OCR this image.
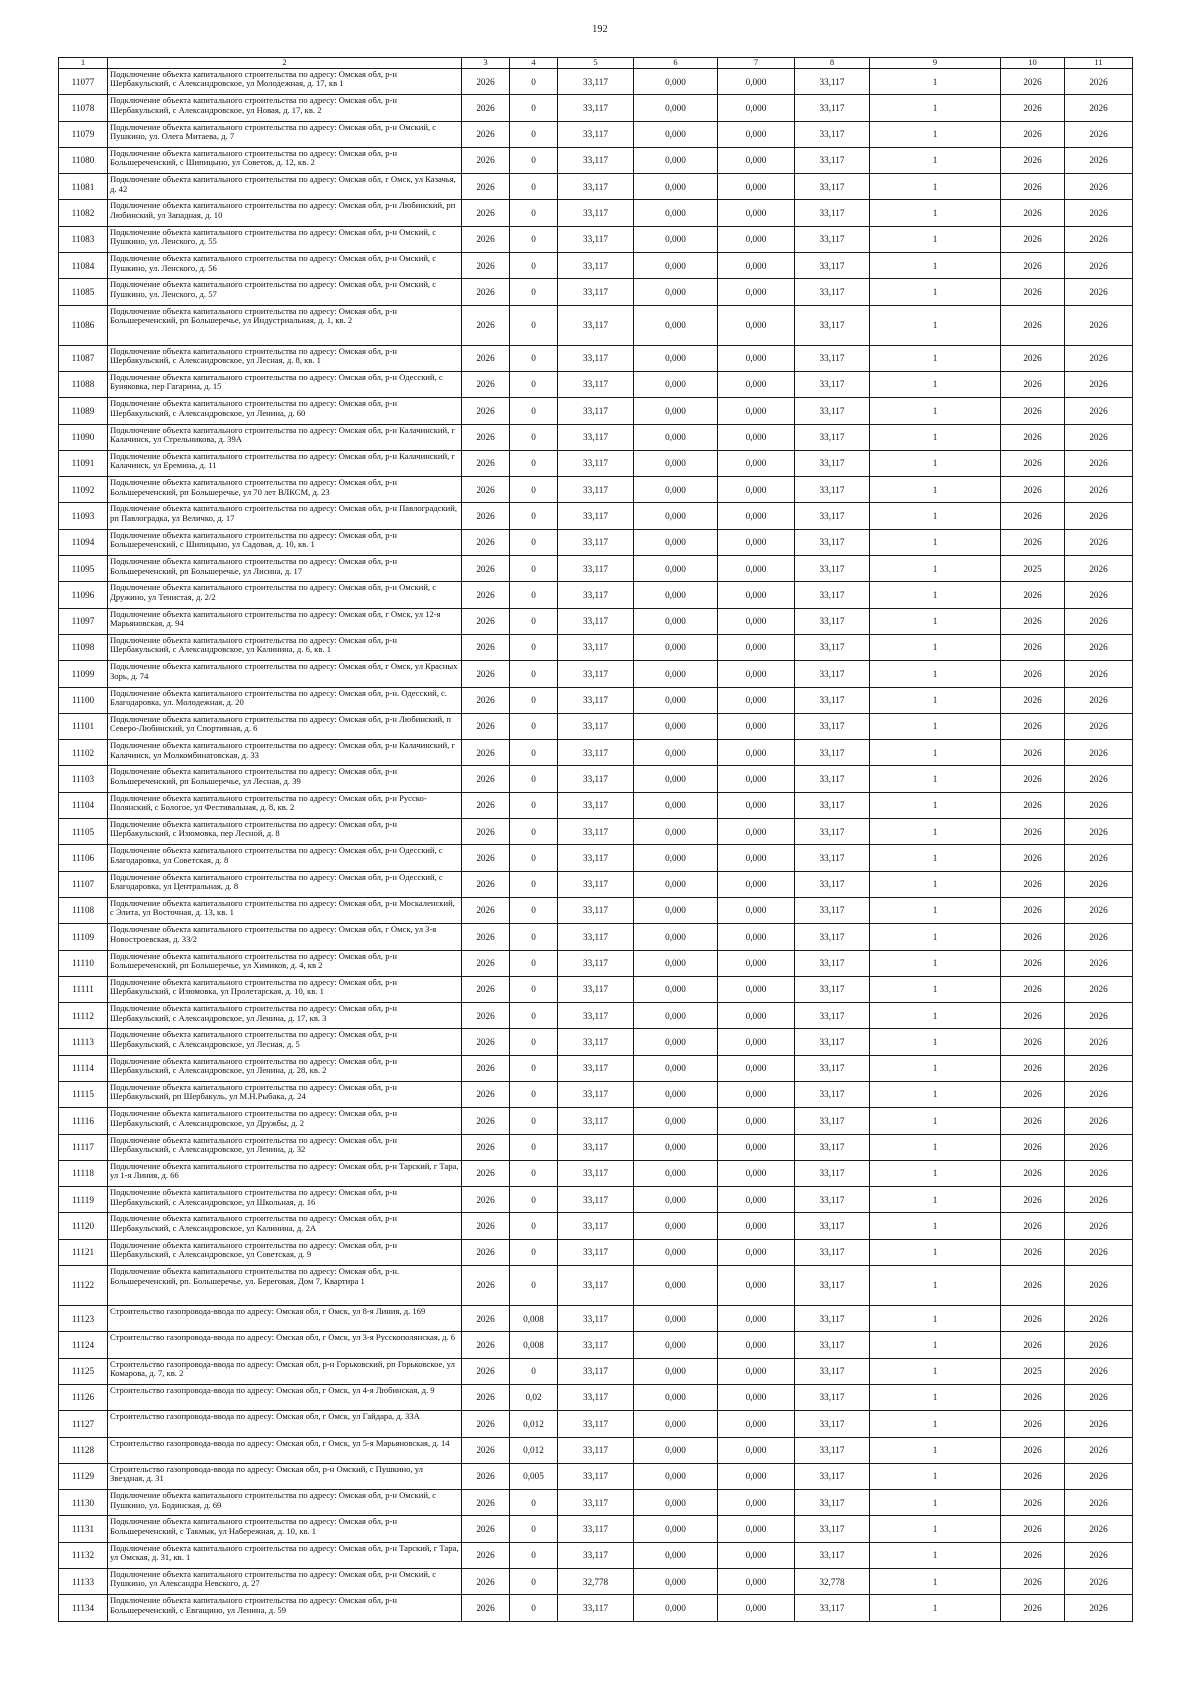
192
1	2	3	4	5	6	7	8	9	10	11
11077	Подключение объекта капитального строительства по адресу: Омская обл, р-н Шербакульский, с Александровское, ул Молодежная, д. 17, кв 1	2026	0	33,117	0,000	0,000	33,117	1	2026	2026
11078	Подключение объекта капитального строительства по адресу: Омская обл, р-н Шербакульский, с Александровское, ул Новая, д. 17, кв. 2	2026	0	33,117	0,000	0,000	33,117	1	2026	2026
11079	Подключение объекта капитального строительства по адресу: Омская обл, р-н Омский, с Пушкино, ул. Олега Митаева, д. 7	2026	0	33,117	0,000	0,000	33,117	1	2026	2026
11080	Подключение объекта капитального строительства по адресу: Омская обл, р-н Большереченский, с Шипицыно, ул Советов, д. 12, кв. 2	2026	0	33,117	0,000	0,000	33,117	1	2026	2026
11081	Подключение объекта капитального строительства по адресу: Омская обл, г Омск, ул Казачья, д. 42	2026	0	33,117	0,000	0,000	33,117	1	2026	2026
11082	Подключение объекта капитального строительства по адресу: Омская обл, р-н Любинский, рп Любинский, ул Западная, д. 10	2026	0	33,117	0,000	0,000	33,117	1	2026	2026
11083	Подключение объекта капитального строительства по адресу: Омская обл, р-н Омский, с Пушкино, ул. Ленского, д. 55	2026	0	33,117	0,000	0,000	33,117	1	2026	2026
11084	Подключение объекта капитального строительства по адресу: Омская обл, р-н Омский, с Пушкино, ул. Ленского, д. 56	2026	0	33,117	0,000	0,000	33,117	1	2026	2026
11085	Подключение объекта капитального строительства по адресу: Омская обл, р-н Омский, с Пушкино, ул. Ленского, д. 57	2026	0	33,117	0,000	0,000	33,117	1	2026	2026
11086	Подключение объекта капитального строительства по адресу: Омская обл, р-н Большереченский, рп Большеречье, ул Индустриальная, д. 1, кв. 2	2026	0	33,117	0,000	0,000	33,117	1	2026	2026
11087	Подключение объекта капитального строительства по адресу: Омская обл, р-н Шербакульский, с Александровское, ул Лесная, д. 8, кв. 1	2026	0	33,117	0,000	0,000	33,117	1	2026	2026
11088	Подключение объекта капитального строительства по адресу: Омская обл, р-н Одесский, с Буняковка, пер Гагарина, д. 15	2026	0	33,117	0,000	0,000	33,117	1	2026	2026
11089	Подключение объекта капитального строительства по адресу: Омская обл, р-н Шербакульский, с Александровское, ул Ленина, д. 60	2026	0	33,117	0,000	0,000	33,117	1	2026	2026
11090	Подключение объекта капитального строительства по адресу: Омская обл, р-н Калачинский, г Калачинск, ул Стрельникова, д. 39А	2026	0	33,117	0,000	0,000	33,117	1	2026	2026
11091	Подключение объекта капитального строительства по адресу: Омская обл, р-н Калачинский, г Калачинск, ул Еремина, д. 11	2026	0	33,117	0,000	0,000	33,117	1	2026	2026
11092	Подключение объекта капитального строительства по адресу: Омская обл, р-н Большереченский, рп Большеречье, ул 70 лет ВЛКСМ, д. 23	2026	0	33,117	0,000	0,000	33,117	1	2026	2026
11093	Подключение объекта капитального строительства по адресу: Омская обл, р-н Павлоградский, рп Павлоградка, ул Величко, д. 17	2026	0	33,117	0,000	0,000	33,117	1	2026	2026
11094	Подключение объекта капитального строительства по адресу: Омская обл, р-н Большереченский, с Шипицыно, ул Садовая, д. 10, кв. 1	2026	0	33,117	0,000	0,000	33,117	1	2026	2026
11095	Подключение объекта капитального строительства по адресу: Омская обл, р-н Большереченский, рп Большеречье, ул Лисина, д. 17	2026	0	33,117	0,000	0,000	33,117	1	2025	2026
11096	Подключение объекта капитального строительства по адресу: Омская обл, р-н Омский, с Дружино, ул Тенистая, д. 2/2	2026	0	33,117	0,000	0,000	33,117	1	2026	2026
11097	Подключение объекта капитального строительства по адресу: Омская обл, г Омск, ул 12-я Марьяновская, д. 94	2026	0	33,117	0,000	0,000	33,117	1	2026	2026
11098	Подключение объекта капитального строительства по адресу: Омская обл, р-н Шербакульский, с Александровское, ул Калинина, д. 6, кв. 1	2026	0	33,117	0,000	0,000	33,117	1	2026	2026
11099	Подключение объекта капитального строительства по адресу: Омская обл, г Омск, ул Красных Зорь, д. 74	2026	0	33,117	0,000	0,000	33,117	1	2026	2026
11100	Подключение объекта капитального строительства по адресу: Омская обл, р-н. Одесский, с. Благодаровка, ул. Молодежная, д. 20	2026	0	33,117	0,000	0,000	33,117	1	2026	2026
11101	Подключение объекта капитального строительства по адресу: Омская обл, р-н Любинский, п Северо-Любинский, ул Спортивная, д. 6	2026	0	33,117	0,000	0,000	33,117	1	2026	2026
11102	Подключение объекта капитального строительства по адресу: Омская обл, р-н Калачинский, г Калачинск, ул Молкомбинатовская, д. 33	2026	0	33,117	0,000	0,000	33,117	1	2026	2026
11103	Подключение объекта капитального строительства по адресу: Омская обл, р-н Большереченский, рп Большеречье, ул Лесная, д. 39	2026	0	33,117	0,000	0,000	33,117	1	2026	2026
11104	Подключение объекта капитального строительства по адресу: Омская обл, р-н Русско-Полянский, с Бологое, ул Фестивальная, д. 8, кв. 2	2026	0	33,117	0,000	0,000	33,117	1	2026	2026
11105	Подключение объекта капитального строительства по адресу: Омская обл, р-н Шербакульский, с Изюмовка, пер Лесной, д. 8	2026	0	33,117	0,000	0,000	33,117	1	2026	2026
11106	Подключение объекта капитального строительства по адресу: Омская обл, р-н Одесский, с Благодаровка, ул Советская, д. 8	2026	0	33,117	0,000	0,000	33,117	1	2026	2026
11107	Подключение объекта капитального строительства по адресу: Омская обл, р-н Одесский, с Благодаровка, ул Центральная, д. 8	2026	0	33,117	0,000	0,000	33,117	1	2026	2026
11108	Подключение объекта капитального строительства по адресу: Омская обл, р-н Москаленский, с Элита, ул Восточная, д. 13, кв. 1	2026	0	33,117	0,000	0,000	33,117	1	2026	2026
11109	Подключение объекта капитального строительства по адресу: Омская обл, г Омск, ул 3-я Новостроевская, д. 33/2	2026	0	33,117	0,000	0,000	33,117	1	2026	2026
11110	Подключение объекта капитального строительства по адресу: Омская обл, р-н Большереченский, рп Большеречье, ул Химиков, д. 4, кв 2	2026	0	33,117	0,000	0,000	33,117	1	2026	2026
11111	Подключение объекта капитального строительства по адресу: Омская обл, р-н Шербакульский, с Изюмовка, ул Пролетарская, д. 10, кв. 1	2026	0	33,117	0,000	0,000	33,117	1	2026	2026
11112	Подключение объекта капитального строительства по адресу: Омская обл, р-н Шербакульский, с Александровское, ул Ленина, д. 17, кв. 3	2026	0	33,117	0,000	0,000	33,117	1	2026	2026
11113	Подключение объекта капитального строительства по адресу: Омская обл, р-н Шербакульский, с Александровское, ул Лесная, д. 5	2026	0	33,117	0,000	0,000	33,117	1	2026	2026
11114	Подключение объекта капитального строительства по адресу: Омская обл, р-н Шербакульский, с Александровское, ул Ленина, д. 28, кв. 2	2026	0	33,117	0,000	0,000	33,117	1	2026	2026
11115	Подключение объекта капитального строительства по адресу: Омская обл, р-н Шербакульский, рп Шербакуль, ул М.Н.Рыбака, д. 24	2026	0	33,117	0,000	0,000	33,117	1	2026	2026
11116	Подключение объекта капитального строительства по адресу: Омская обл, р-н Шербакульский, с Александровское, ул Дружбы, д. 2	2026	0	33,117	0,000	0,000	33,117	1	2026	2026
11117	Подключение объекта капитального строительства по адресу: Омская обл, р-н Шербакульский, с Александровское, ул Ленина, д. 32	2026	0	33,117	0,000	0,000	33,117	1	2026	2026
11118	Подключение объекта капитального строительства по адресу: Омская обл, р-н Тарский, г Тара, ул 1-я Линия, д. 66	2026	0	33,117	0,000	0,000	33,117	1	2026	2026
11119	Подключение объекта капитального строительства по адресу: Омская обл, р-н Шербакульский, с Александровское, ул Школьная, д. 16	2026	0	33,117	0,000	0,000	33,117	1	2026	2026
11120	Подключение объекта капитального строительства по адресу: Омская обл, р-н Шербакульский, с Александровское, ул Калинина, д. 2А	2026	0	33,117	0,000	0,000	33,117	1	2026	2026
11121	Подключение объекта капитального строительства по адресу: Омская обл, р-н Шербакульский, с Александровское, ул Советская, д. 9	2026	0	33,117	0,000	0,000	33,117	1	2026	2026
11122	Подключение объекта капитального строительства по адресу: Омская обл, р-н. Большереченский, рп. Большеречье, ул. Береговая, Дом 7, Квартира 1	2026	0	33,117	0,000	0,000	33,117	1	2026	2026
11123	Строительство газопровода-ввода по адресу: Омская обл, г Омск, ул 8-я Линия, д. 169	2026	0,008	33,117	0,000	0,000	33,117	1	2026	2026
11124	Строительство газопровода-ввода по адресу: Омская обл, г Омск, ул 3-я Русскополянская, д. 6	2026	0,008	33,117	0,000	0,000	33,117	1	2026	2026
11125	Строительство газопровода-ввода по адресу: Омская обл, р-н Горьковский, рп Горьковское, ул Комарова, д. 7, кв. 2	2026	0	33,117	0,000	0,000	33,117	1	2025	2026
11126	Строительство газопровода-ввода по адресу: Омская обл, г Омск, ул 4-я Любинская, д. 9	2026	0,02	33,117	0,000	0,000	33,117	1	2026	2026
11127	Строительство газопровода-ввода по адресу: Омская обл, г Омск, ул Гайдара, д. 33А	2026	0,012	33,117	0,000	0,000	33,117	1	2026	2026
11128	Строительство газопровода-ввода по адресу: Омская обл, г Омск, ул 5-я Марьяновская, д. 14	2026	0,012	33,117	0,000	0,000	33,117	1	2026	2026
11129	Строительство газопровода-ввода по адресу: Омская обл, р-н Омский, с Пушкино, ул Звездная, д. 31	2026	0,005	33,117	0,000	0,000	33,117	1	2026	2026
11130	Подключение объекта капитального строительства по адресу: Омская обл, р-н Омский, с Пушкино, ул. Бодинская, д. 69	2026	0	33,117	0,000	0,000	33,117	1	2026	2026
11131	Подключение объекта капитального строительства по адресу: Омская обл, р-н Большереченский, с Такмык, ул Набережная, д. 10, кв. 1	2026	0	33,117	0,000	0,000	33,117	1	2026	2026
11132	Подключение объекта капитального строительства по адресу: Омская обл, р-н Тарский, г Тара, ул Омская, д. 31, кв. 1	2026	0	33,117	0,000	0,000	33,117	1	2026	2026
11133	Подключение объекта капитального строительства по адресу: Омская обл, р-н Омский, с Пушкино, ул Александра Невского, д. 27	2026	0	32,778	0,000	0,000	32,778	1	2026	2026
11134	Подключение объекта капитального строительства по адресу: Омская обл, р-н Большереченский, с Евгащино, ул Ленина, д. 59	2026	0	33,117	0,000	0,000	33,117	1	2026	2026
